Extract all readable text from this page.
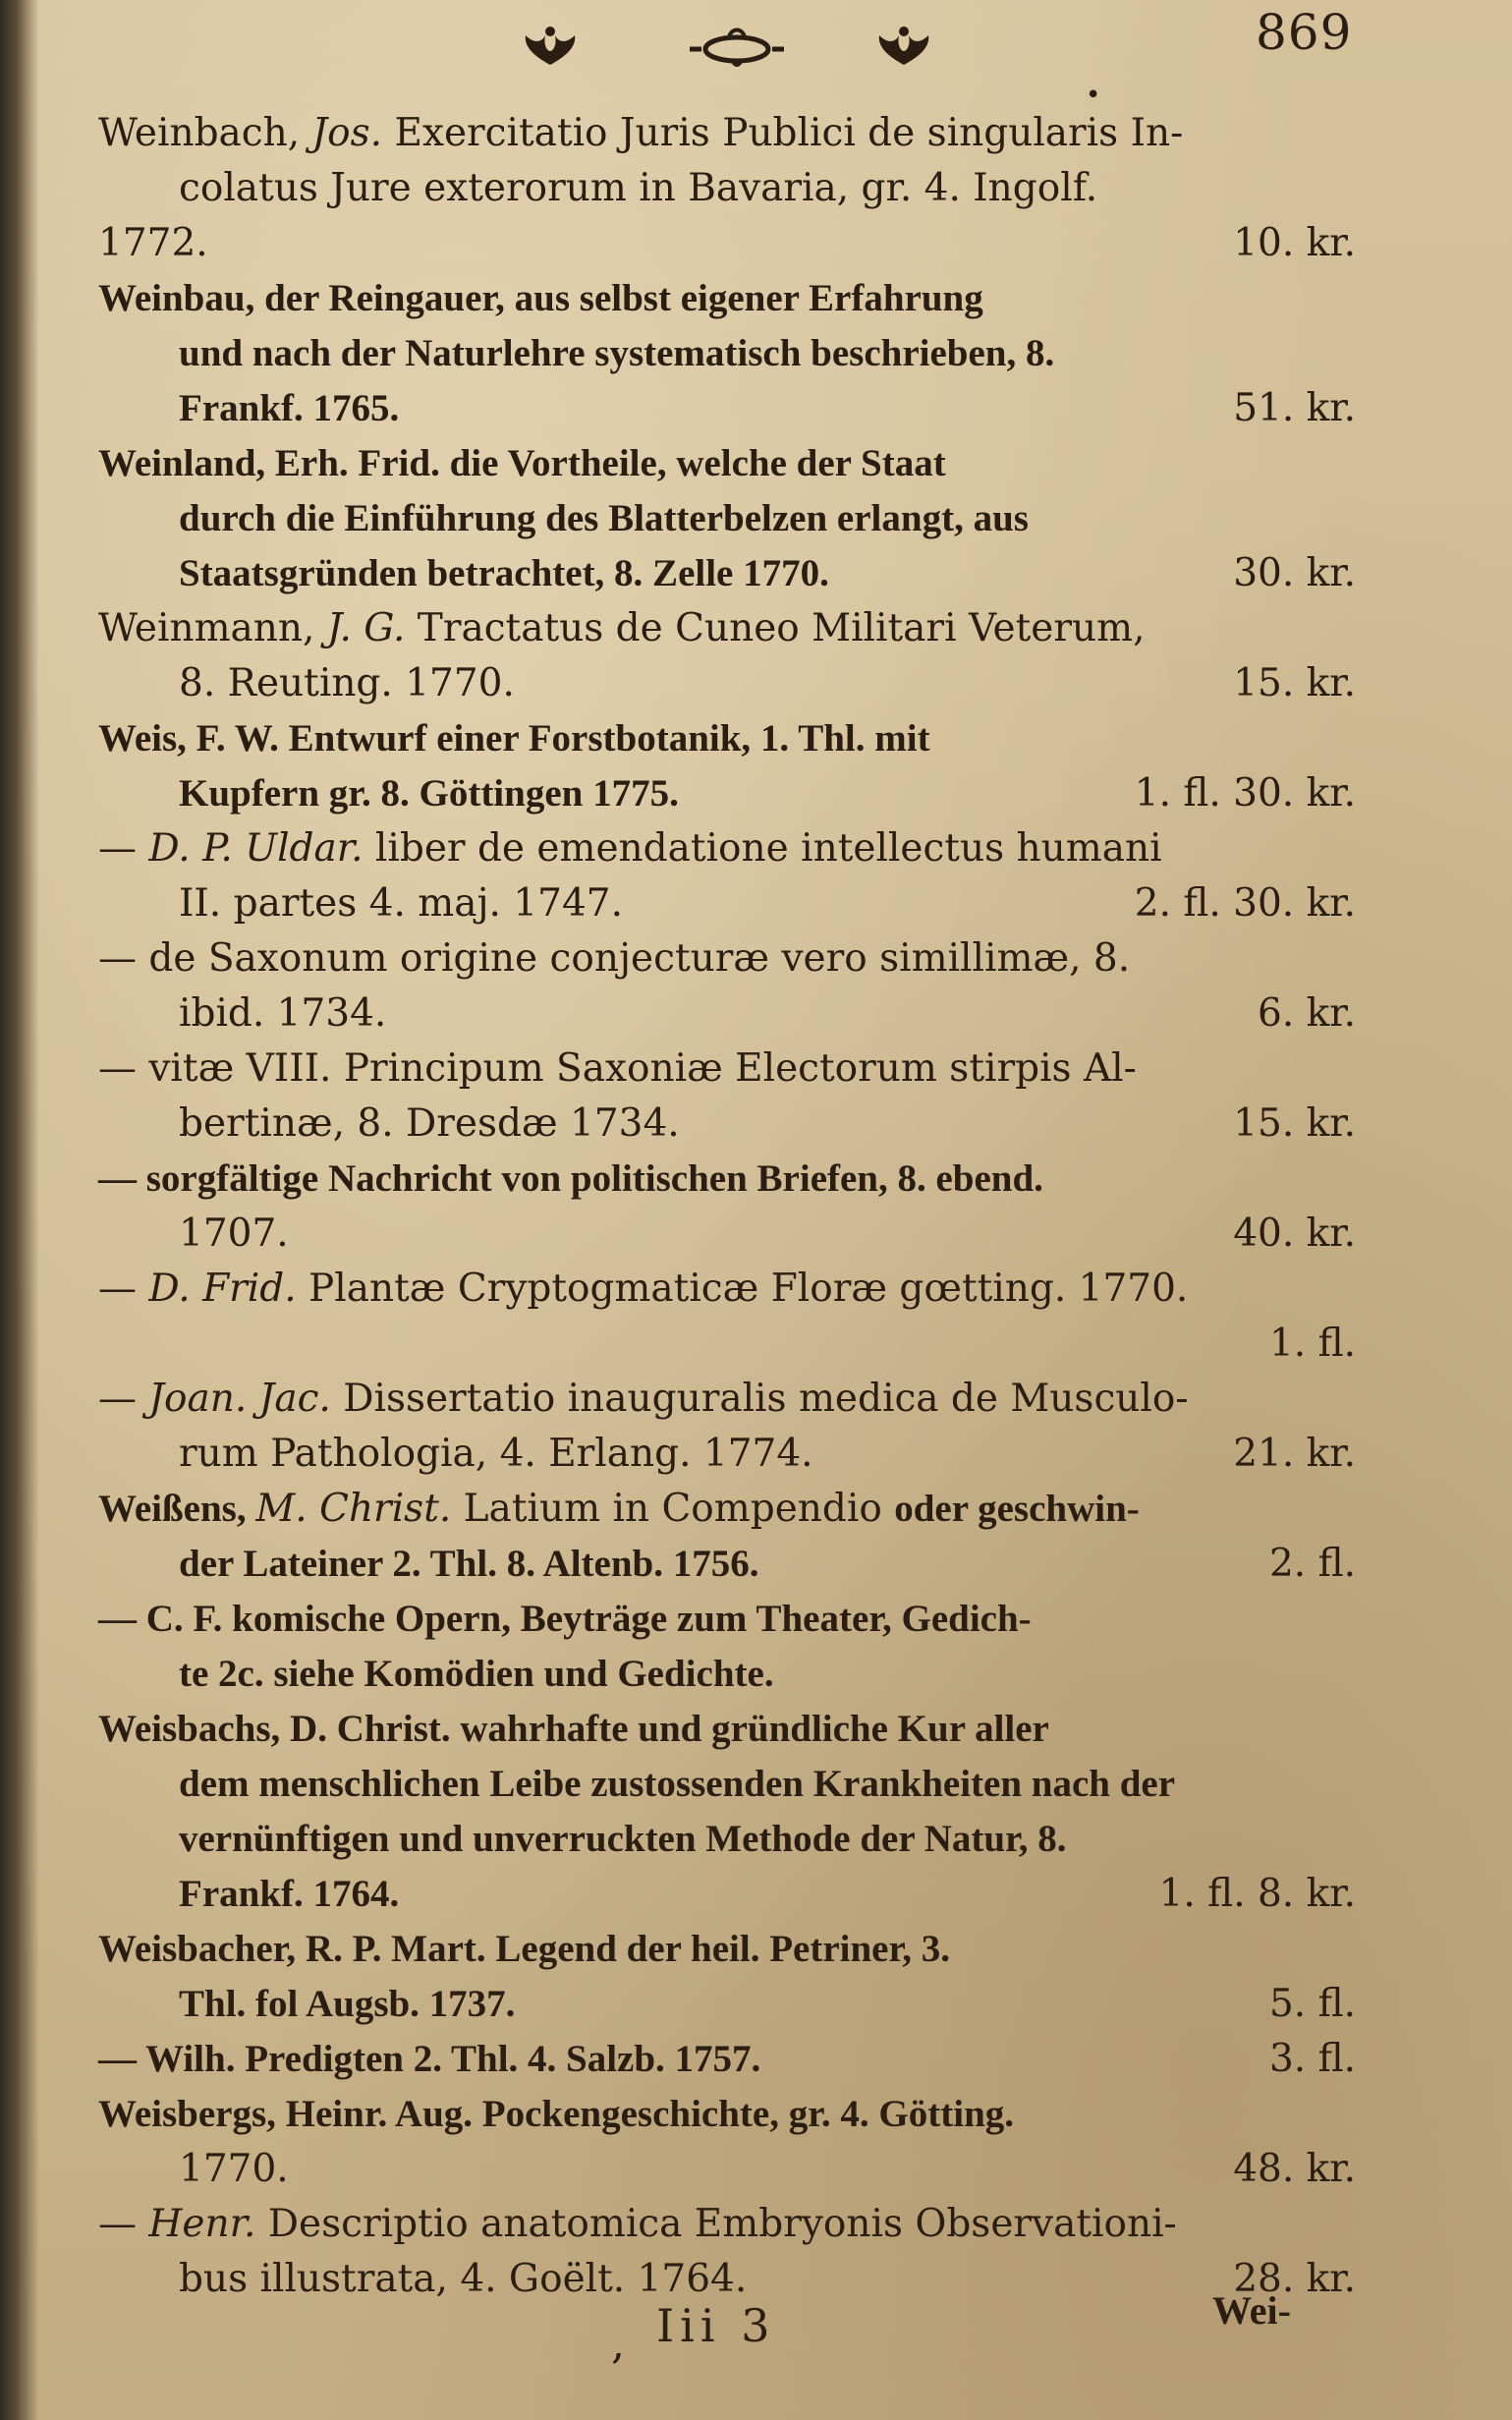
869
•
Weinbach, Jos. Exercitatio Juris Publici de singularis In-
colatus Jure exterorum in Bavaria, gr. 4. Ingolf.
1772.	10. kr.
Weinbau, der Reingauer, aus selbst eigener Erfahrung
und nach der Naturlehre systematisch beschrieben, 8.
Frankf. 1765.	51. kr.
Weinland, Erh. Frid. die Vortheile, welche der Staat
durch die Einführung des Blatterbelzen erlangt, aus
Staatsgründen betrachtet, 8. Zelle 1770.	30. kr.
Weinmann, J. G. Tractatus de Cuneo Militari Veterum,
8. Reuting. 1770.	15. kr.
Weis, F. W. Entwurf einer Forstbotanik, 1. Thl. mit
Kupfern gr. 8. Göttingen 1775.	1. fl. 30. kr.
— D. P. Uldar. liber de emendatione intellectus humani
II. partes 4. maj. 1747.	2. fl. 30. kr.
— de Saxonum origine conjecturæ vero simillimæ, 8.
ibid. 1734.	6. kr.
— vitæ VIII. Principum Saxoniæ Electorum stirpis Al-
bertinæ, 8. Dresdæ 1734.	15. kr.
— sorgfältige Nachricht von politischen Briefen, 8. ebend.
1707.	40. kr.
— D. Frid. Plantæ Cryptogmaticæ Floræ gœtting. 1770.
1. fl.
— Joan. Jac. Dissertatio inauguralis medica de Musculo-
rum Pathologia, 4. Erlang. 1774.	21. kr.
Weißens, M. Christ. Latium in Compendio oder geschwin-
der Lateiner 2. Thl. 8. Altenb. 1756.	2. fl.
— C. F. komische Opern, Beyträge zum Theater, Gedich-
te 2c. siehe Komödien und Gedichte.
Weisbachs, D. Christ. wahrhafte und gründliche Kur aller
dem menschlichen Leibe zustossenden Krankheiten nach der
vernünftigen und unverruckten Methode der Natur, 8.
Frankf. 1764.	1. fl. 8. kr.
Weisbacher, R. P. Mart. Legend der heil. Petriner, 3.
Thl. fol Augsb. 1737.	5. fl.
— Wilh. Predigten 2. Thl. 4. Salzb. 1757.	3. fl.
Weisbergs, Heinr. Aug. Pockengeschichte, gr. 4. Götting.
1770.	48. kr.
— Henr. Descriptio anatomica Embryonis Observationi-
bus illustrata, 4. Goëlt. 1764.	28. kr.
, Iii 3	Wei-
